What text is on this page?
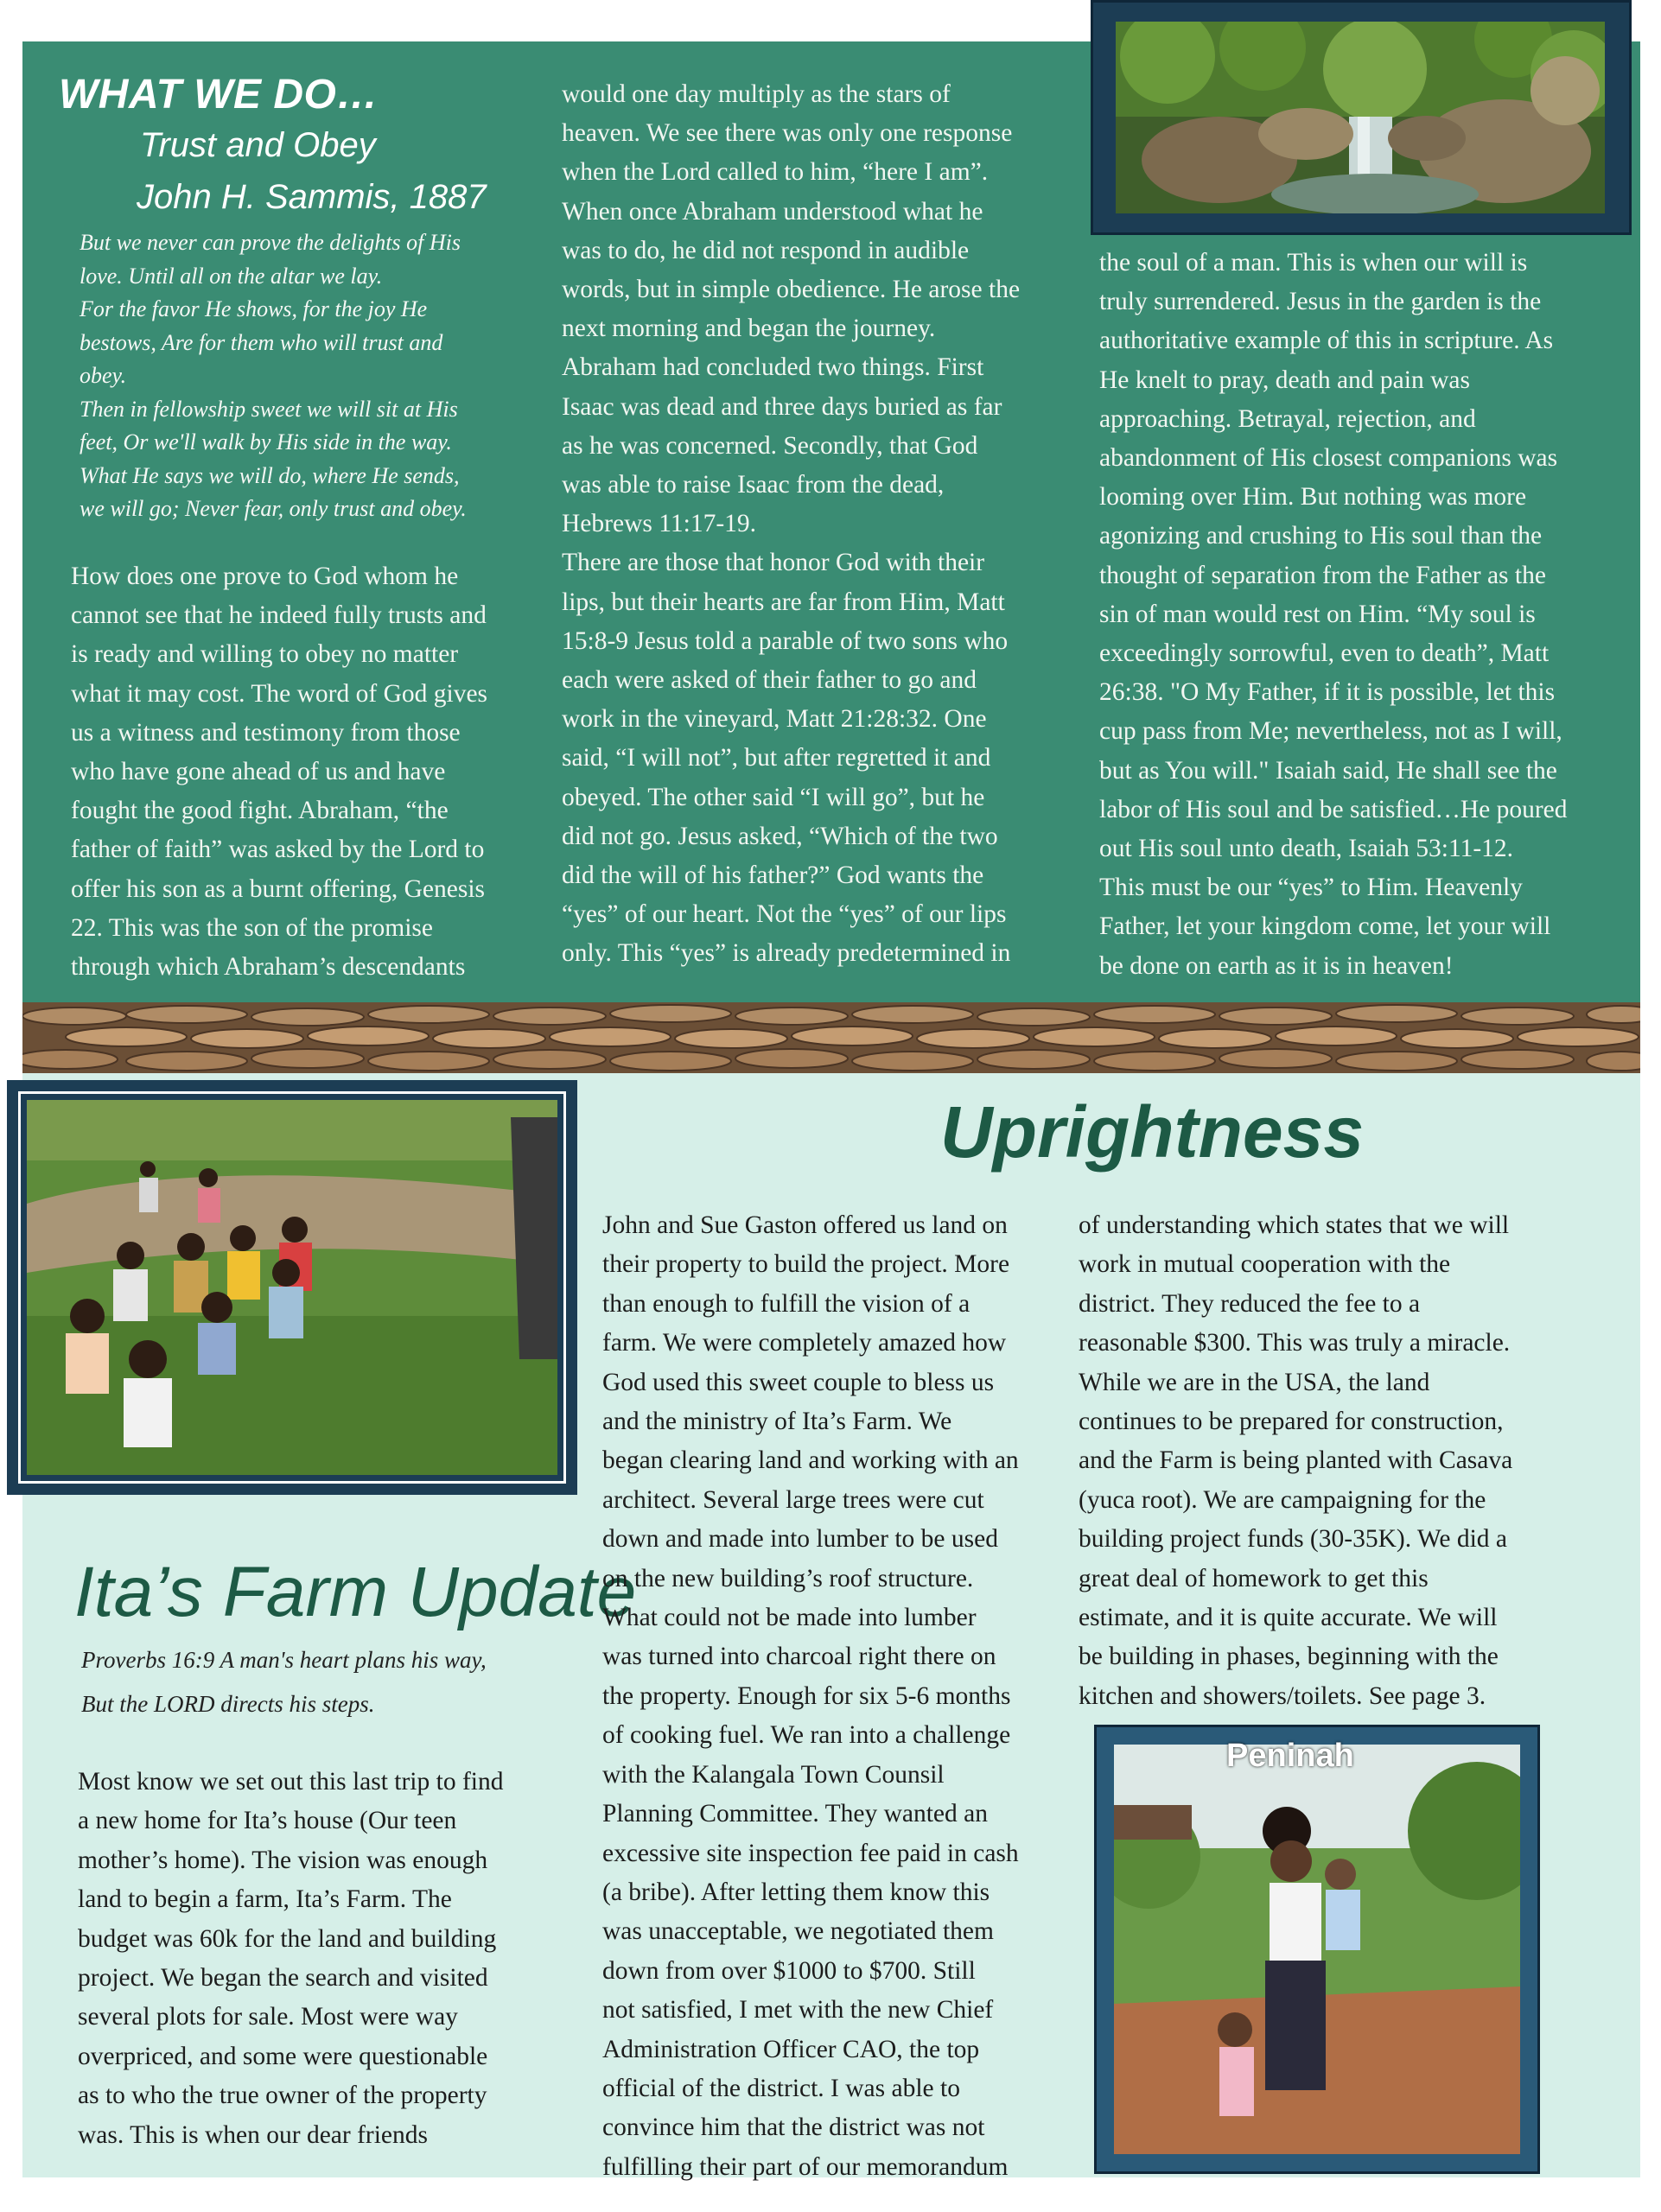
WHAT WE DO…
Trust and Obey
John H. Sammis, 1887
But we never can prove the delights of His
love. Until all on the altar we lay.
For the favor He shows, for the joy He
bestows, Are for them who will trust and
obey.
Then in fellowship sweet we will sit at His
feet, Or we'll walk by His side in the way.
What He says we will do, where He sends,
we will go; Never fear, only trust and obey.
How does one prove to God whom he
cannot see that he indeed fully trusts and
is ready and willing to obey no matter
what it may cost. The word of God gives
us a witness and testimony from those
who have gone ahead of us and have
fought the good fight. Abraham, “the
father of faith” was asked by the Lord to
offer his son as a burnt offering, Genesis
22. This was the son of the promise
through which Abraham’s descendants
would one day multiply as the stars of
heaven. We see there was only one response
when the Lord called to him, “here I am”.
When once Abraham understood what he
was to do, he did not respond in audible
words, but in simple obedience. He arose the
next morning and began the journey.
Abraham had concluded two things. First
Isaac was dead and three days buried as far
as he was concerned. Secondly, that God
was able to raise Isaac from the dead,
Hebrews 11:17-19.
There are those that honor God with their
lips, but their hearts are far from Him, Matt
15:8-9 Jesus told a parable of two sons who
each were asked of their father to go and
work in the vineyard, Matt 21:28:32. One
said, “I will not”, but after regretted it and
obeyed. The other said “I will go”, but he
did not go. Jesus asked, “Which of the two
did the will of his father?” God wants the
“yes” of our heart. Not the “yes” of our lips
only. This “yes” is already predetermined in
the soul of a man. This is when our will is
truly surrendered. Jesus in the garden is the
authoritative example of this in scripture. As
He knelt to pray, death and pain was
approaching. Betrayal, rejection, and
abandonment of His closest companions was
looming over Him. But nothing was more
agonizing and crushing to His soul than the
thought of separation from the Father as the
sin of man would rest on Him. “My soul is
exceedingly sorrowful, even to death”, Matt
26:38. "O My Father, if it is possible, let this
cup pass from Me; nevertheless, not as I will,
but as You will." Isaiah said, He shall see the
labor of His soul and be satisfied…He poured
out His soul unto death, Isaiah 53:11-12.
This must be our “yes” to Him. Heavenly
Father, let your kingdom come, let your will
be done on earth as it is in heaven!
Uprightness
Ita’s Farm Update
Proverbs 16:9 A man's heart plans his way,
But the LORD directs his steps.
Most know we set out this last trip to find
a new home for Ita’s house (Our teen
mother’s home). The vision was enough
land to begin a farm, Ita’s Farm. The
budget was 60k for the land and building
project. We began the search and visited
several plots for sale. Most were way
overpriced, and some were questionable
as to who the true owner of the property
was. This is when our dear friends
John and Sue Gaston offered us land on
their property to build the project. More
than enough to fulfill the vision of a
farm. We were completely amazed how
God used this sweet couple to bless us
and the ministry of Ita’s Farm. We
began clearing land and working with an
architect. Several large trees were cut
down and made into lumber to be used
on the new building’s roof structure.
What could not be made into lumber
was turned into charcoal right there on
the property. Enough for six 5-6 months
of cooking fuel. We ran into a challenge
with the Kalangala Town Counsil
Planning Committee. They wanted an
excessive site inspection fee paid in cash
(a bribe). After letting them know this
was unacceptable, we negotiated them
down from over $1000 to $700. Still
not satisfied, I met with the new Chief
Administration Officer CAO, the top
official of the district. I was able to
convince him that the district was not
fulfilling their part of our memorandum
of understanding which states that we will
work in mutual cooperation with the
district. They reduced the fee to a
reasonable $300. This was truly a miracle.
While we are in the USA, the land
continues to be prepared for construction,
and the Farm is being planted with Casava
(yuca root). We are campaigning for the
building project funds (30-35K). We did a
great deal of homework to get this
estimate, and it is quite accurate. We will
be building in phases, beginning with the
kitchen and showers/toilets. See page 3.
Peninah
